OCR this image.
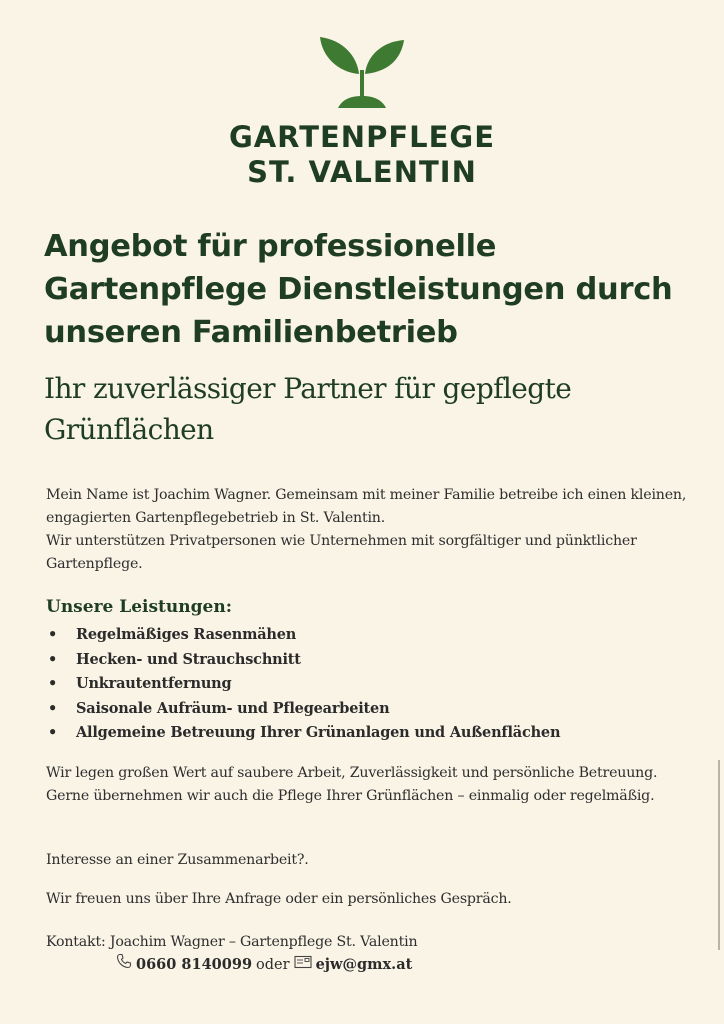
GARTENPFLEGE
ST. VALENTIN
Angebot für professionelle Gartenpflege Dienstleistungen durch unseren Familienbetrieb
Ihr zuverlässiger Partner für gepflegte Grünflächen
Mein Name ist Joachim Wagner. Gemeinsam mit meiner Familie betreibe ich einen kleinen, engagierten Gartenpflegebetrieb in St. Valentin.
Wir unterstützen Privatpersonen wie Unternehmen mit sorgfältiger und pünktlicher Gartenpflege.
Unsere Leistungen:
• Regelmäßiges Rasenmähen
• Hecken- und Strauchschnitt
• Unkrautentfernung
• Saisonale Aufräum- und Pflegearbeiten
• Allgemeine Betreuung Ihrer Grünanlagen und Außenflächen
Wir legen großen Wert auf saubere Arbeit, Zuverlässigkeit und persönliche Betreuung. Gerne übernehmen wir auch die Pflege Ihrer Grünflächen – einmalig oder regelmäßig.
Interesse an einer Zusammenarbeit?.
Wir freuen uns über Ihre Anfrage oder ein persönliches Gespräch.
Kontakt: Joachim Wagner – Gartenpflege St. Valentin
0660 8140099 oder ejw@gmx.at
